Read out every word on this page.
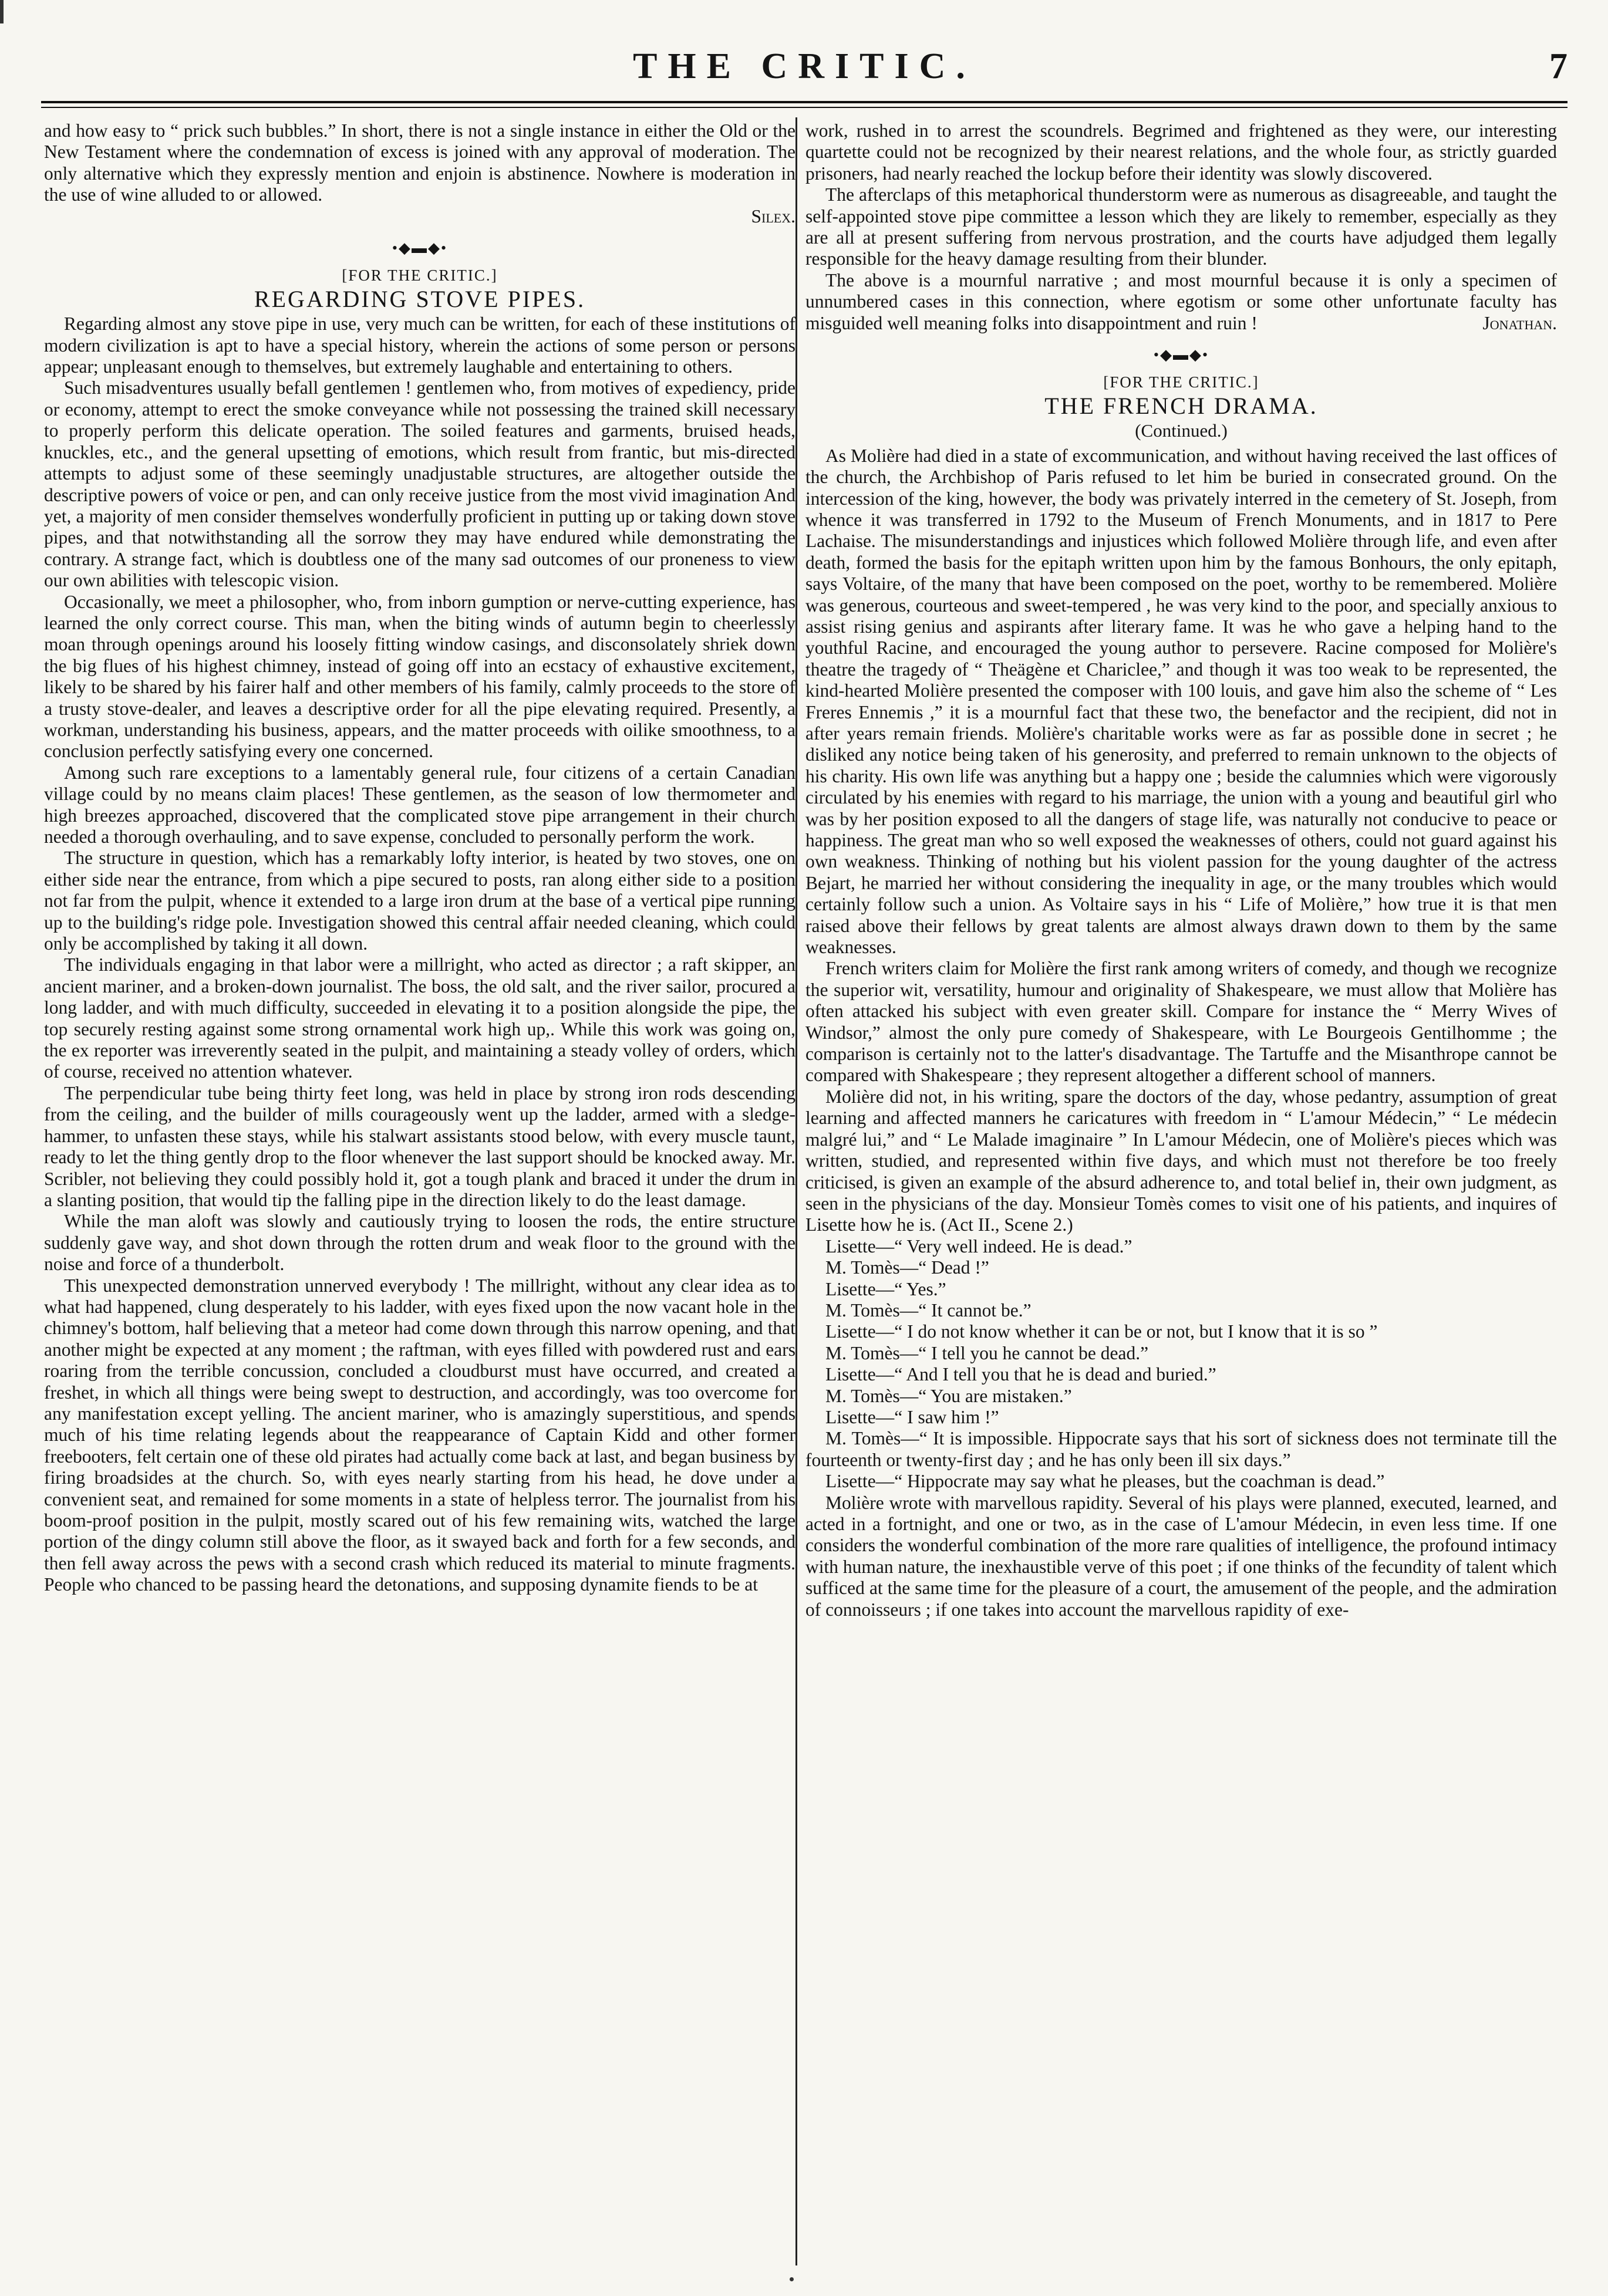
THE CRITIC.	7

and how easy to “ prick such bubbles.” In short, there is not a single instance in either the Old or the New Testament where the condemnation of excess is joined with any approval of moderation. The only alternative which they expressly mention and enjoin is abstinence. Nowhere is moderation in the use of wine alluded to or allowed.

Silex.
•◆▬◆•
[FOR THE CRITIC.]
REGARDING STOVE PIPES.

Regarding almost any stove pipe in use, very much can be written, for each of these institutions of modern civilization is apt to have a special history, wherein the actions of some person or persons appear; unpleasant enough to themselves, but extremely laughable and entertaining to others.

Such misadventures usually befall gentlemen ! gentlemen who, from motives of expediency, pride or economy, attempt to erect the smoke conveyance while not possessing the trained skill necessary to properly perform this delicate operation. The soiled features and garments, bruised heads, knuckles, etc., and the general upsetting of emotions, which result from frantic, but mis-directed attempts to adjust some of these seemingly unadjustable structures, are altogether outside the descriptive powers of voice or pen, and can only receive justice from the most vivid imagination And yet, a majority of men consider themselves wonderfully proficient in putting up or taking down stove pipes, and that notwithstanding all the sorrow they may have endured while demonstrating the contrary. A strange fact, which is doubtless one of the many sad outcomes of our proneness to view our own abilities with telescopic vision.

Occasionally, we meet a philosopher, who, from inborn gumption or nerve-cutting experience, has learned the only correct course. This man, when the biting winds of autumn begin to cheerlessly moan through openings around his loosely fitting window casings, and disconsolately shriek down the big flues of his highest chimney, instead of going off into an ecstacy of exhaustive excitement, likely to be shared by his fairer half and other members of his family, calmly proceeds to the store of a trusty stove-dealer, and leaves a descriptive order for all the pipe elevating required. Presently, a workman, understanding his business, appears, and the matter proceeds with oilike smoothness, to a conclusion perfectly satisfying every one concerned.

Among such rare exceptions to a lamentably general rule, four citizens of a certain Canadian village could by no means claim places! These gentlemen, as the season of low thermometer and high breezes approached, discovered that the complicated stove pipe arrangement in their church needed a thorough overhauling, and to save expense, concluded to personally perform the work.

The structure in question, which has a remarkably lofty interior, is heated by two stoves, one on either side near the entrance, from which a pipe secured to posts, ran along either side to a position not far from the pulpit, whence it extended to a large iron drum at the base of a vertical pipe running up to the building's ridge pole. Investigation showed this central affair needed cleaning, which could only be accomplished by taking it all down.

The individuals engaging in that labor were a millright, who acted as director ; a raft skipper, an ancient mariner, and a broken-down journalist. The boss, the old salt, and the river sailor, procured a long ladder, and with much difficulty, succeeded in elevating it to a position alongside the pipe, the top securely resting against some strong ornamental work high up,. While this work was going on, the ex reporter was irreverently seated in the pulpit, and maintaining a steady volley of orders, which of course, received no attention whatever.

The perpendicular tube being thirty feet long, was held in place by strong iron rods descending from the ceiling, and the builder of mills courageously went up the ladder, armed with a sledge-hammer, to unfasten these stays, while his stalwart assistants stood below, with every muscle taunt, ready to let the thing gently drop to the floor whenever the last support should be knocked away. Mr. Scribler, not believing they could possibly hold it, got a tough plank and braced it under the drum in a slanting position, that would tip the falling pipe in the direction likely to do the least damage.

While the man aloft was slowly and cautiously trying to loosen the rods, the entire structure suddenly gave way, and shot down through the rotten drum and weak floor to the ground with the noise and force of a thunderbolt.

This unexpected demonstration unnerved everybody ! The millright, without any clear idea as to what had happened, clung desperately to his ladder, with eyes fixed upon the now vacant hole in the chimney's bottom, half believing that a meteor had come down through this narrow opening, and that another might be expected at any moment ; the raftman, with eyes filled with powdered rust and ears roaring from the terrible concussion, concluded a cloudburst must have occurred, and created a freshet, in which all things were being swept to destruction, and accordingly, was too overcome for any manifestation except yelling. The ancient mariner, who is amazingly superstitious, and spends much of his time relating legends about the reappearance of Captain Kidd and other former freebooters, felt certain one of these old pirates had actually come back at last, and began business by firing broadsides at the church. So, with eyes nearly starting from his head, he dove under a convenient seat, and remained for some moments in a state of helpless terror. The journalist from his boom-proof position in the pulpit, mostly scared out of his few remaining wits, watched the large portion of the dingy column still above the floor, as it swayed back and forth for a few seconds, and then fell away across the pews with a second crash which reduced its material to minute fragments. People who chanced to be passing heard the detonations, and supposing dynamite fiends to be at

work, rushed in to arrest the scoundrels. Begrimed and frightened as they were, our interesting quartette could not be recognized by their nearest relations, and the whole four, as strictly guarded prisoners, had nearly reached the lockup before their identity was slowly discovered.

The afterclaps of this metaphorical thunderstorm were as numerous as disagreeable, and taught the self-appointed stove pipe committee a lesson which they are likely to remember, especially as they are all at present suffering from nervous prostration, and the courts have adjudged them legally responsible for the heavy damage resulting from their blunder.

The above is a mournful narrative ; and most mournful because it is only a specimen of unnumbered cases in this connection, where egotism or some other unfortunate faculty has misguided well meaning folks into disappointment and ruin !	Jonathan.

•◆▬◆•
[FOR THE CRITIC.]
THE FRENCH DRAMA.
(Continued.)

As Molière had died in a state of excommunication, and without having received the last offices of the church, the Archbishop of Paris refused to let him be buried in consecrated ground. On the intercession of the king, however, the body was privately interred in the cemetery of St. Joseph, from whence it was transferred in 1792 to the Museum of French Monuments, and in 1817 to Pere Lachaise. The misunderstandings and injustices which followed Molière through life, and even after death, formed the basis for the epitaph written upon him by the famous Bonhours, the only epitaph, says Voltaire, of the many that have been composed on the poet, worthy to be remembered. Molière was generous, courteous and sweet-tempered , he was very kind to the poor, and specially anxious to assist rising genius and aspirants after literary fame. It was he who gave a helping hand to the youthful Racine, and encouraged the young author to persevere. Racine composed for Molière's theatre the tragedy of “ Theägène et Chariclee,” and though it was too weak to be represented, the kind-hearted Molière presented the composer with 100 louis, and gave him also the scheme of “ Les Freres Ennemis ,” it is a mournful fact that these two, the benefactor and the recipient, did not in after years remain friends. Molière's charitable works were as far as possible done in secret ; he disliked any notice being taken of his generosity, and preferred to remain unknown to the objects of his charity. His own life was anything but a happy one ; beside the calumnies which were vigorously circulated by his enemies with regard to his marriage, the union with a young and beautiful girl who was by her position exposed to all the dangers of stage life, was naturally not conducive to peace or happiness. The great man who so well exposed the weaknesses of others, could not guard against his own weakness. Thinking of nothing but his violent passion for the young daughter of the actress Bejart, he married her without considering the inequality in age, or the many troubles which would certainly follow such a union. As Voltaire says in his “ Life of Molière,” how true it is that men raised above their fellows by great talents are almost always drawn down to them by the same weaknesses.

French writers claim for Molière the first rank among writers of comedy, and though we recognize the superior wit, versatility, humour and originality of Shakespeare, we must allow that Molière has often attacked his subject with even greater skill. Compare for instance the “ Merry Wives of Windsor,” almost the only pure comedy of Shakespeare, with Le Bourgeois Gentilhomme ; the comparison is certainly not to the latter's disadvantage. The Tartuffe and the Misanthrope cannot be compared with Shakespeare ; they represent altogether a different school of manners.

Molière did not, in his writing, spare the doctors of the day, whose pedantry, assumption of great learning and affected manners he caricatures with freedom in “ L'amour Médecin,” “ Le médecin malgré lui,” and “ Le Malade imaginaire ” In L'amour Médecin, one of Molière's pieces which was written, studied, and represented within five days, and which must not therefore be too freely criticised, is given an example of the absurd adherence to, and total belief in, their own judgment, as seen in the physicians of the day. Monsieur Tomès comes to visit one of his patients, and inquires of Lisette how he is. (Act II., Scene 2.)

Lisette—“ Very well indeed. He is dead.”

M. Tomès—“ Dead !”

Lisette—“ Yes.”

M. Tomès—“ It cannot be.”

Lisette—“ I do not know whether it can be or not, but I know that it is so ”

M. Tomès—“ I tell you he cannot be dead.”

Lisette—“ And I tell you that he is dead and buried.”

M. Tomès—“ You are mistaken.”

Lisette—“ I saw him !”

M. Tomès—“ It is impossible. Hippocrate says that his sort of sickness does not terminate till the fourteenth or twenty-first day ; and he has only been ill six days.”

Lisette—“ Hippocrate may say what he pleases, but the coachman is dead.”

Molière wrote with marvellous rapidity. Several of his plays were planned, executed, learned, and acted in a fortnight, and one or two, as in the case of L'amour Médecin, in even less time. If one considers the wonderful combination of the more rare qualities of intelligence, the profound intimacy with human nature, the inexhaustible verve of this poet ; if one thinks of the fecundity of talent which sufficed at the same time for the pleasure of a court, the amusement of the people, and the admiration of connoisseurs ; if one takes into account the marvellous rapidity of exe-
